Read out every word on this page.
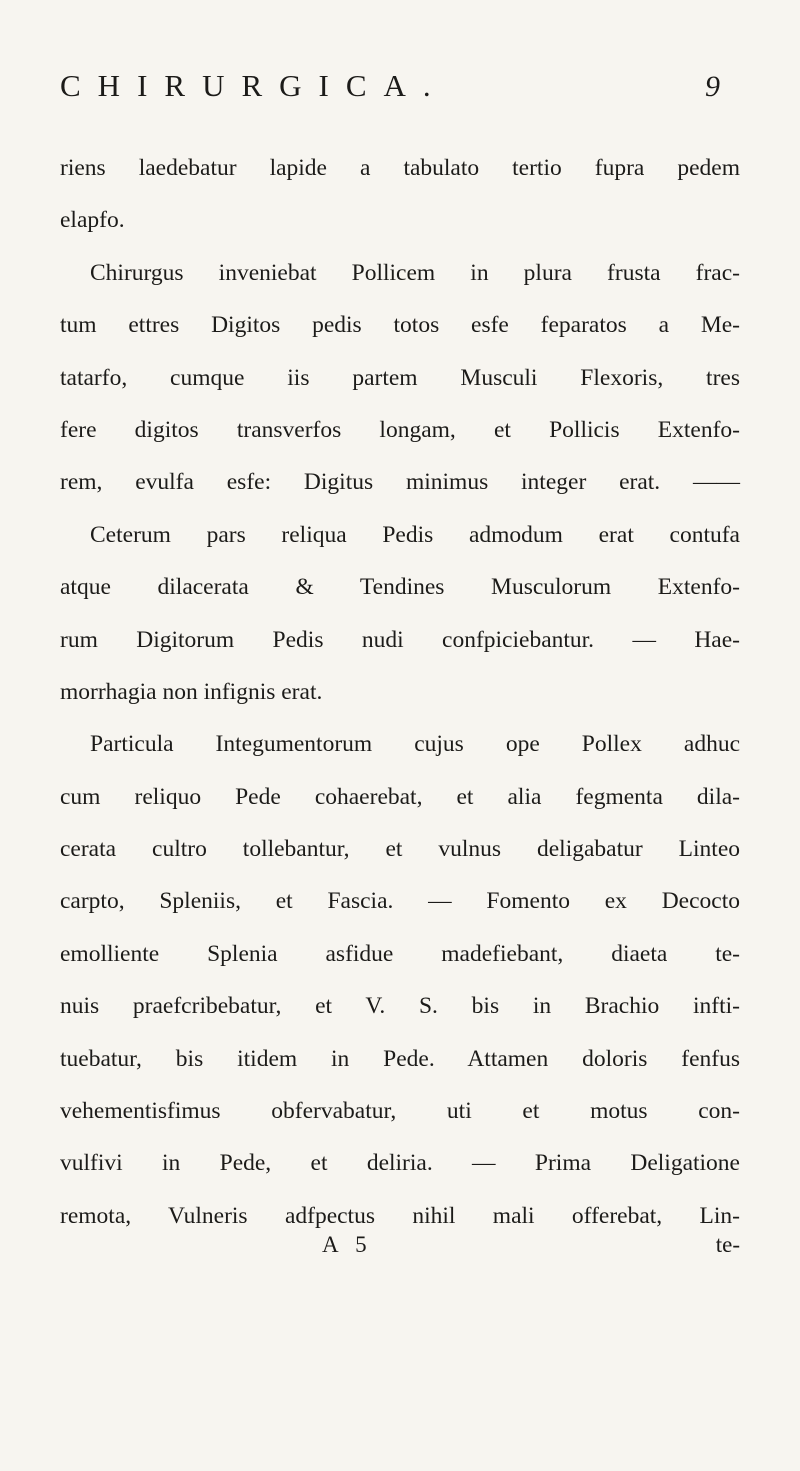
CHIRURGICA.	9
riens laedebatur lapide a tabulato tertio fupra pedem
elapfo.
Chirurgus inveniebat Pollicem in plura frusta frac-
tum ettres Digitos pedis totos esfe feparatos a Me-
tatarfo, cumque iis partem Musculi Flexoris, tres
fere digitos transverfos longam, et Pollicis Extenfo-
rem, evulfa esfe: Digitus minimus integer erat. ——
Ceterum pars reliqua Pedis admodum erat contufa
atque dilacerata & Tendines Musculorum Extenfo-
rum Digitorum Pedis nudi confpiciebantur. — Hae-
morrhagia non infignis erat.
Particula Integumentorum cujus ope Pollex adhuc
cum reliquo Pede cohaerebat, et alia fegmenta dila-
cerata cultro tollebantur, et vulnus deligabatur Linteo
carpto, Spleniis, et Fascia. — Fomento ex Decocto
emolliente Splenia asfidue madefiebant, diaeta te-
nuis praefcribebatur, et V. S. bis in Brachio infti-
tuebatur, bis itidem in Pede. Attamen doloris fenfus
vehementisfimus obfervabatur, uti et motus con-
vulfivi in Pede, et deliria. — Prima Deligatione
remota, Vulneris adfpectus nihil mali offerebat, Lin-
A 5	te-
